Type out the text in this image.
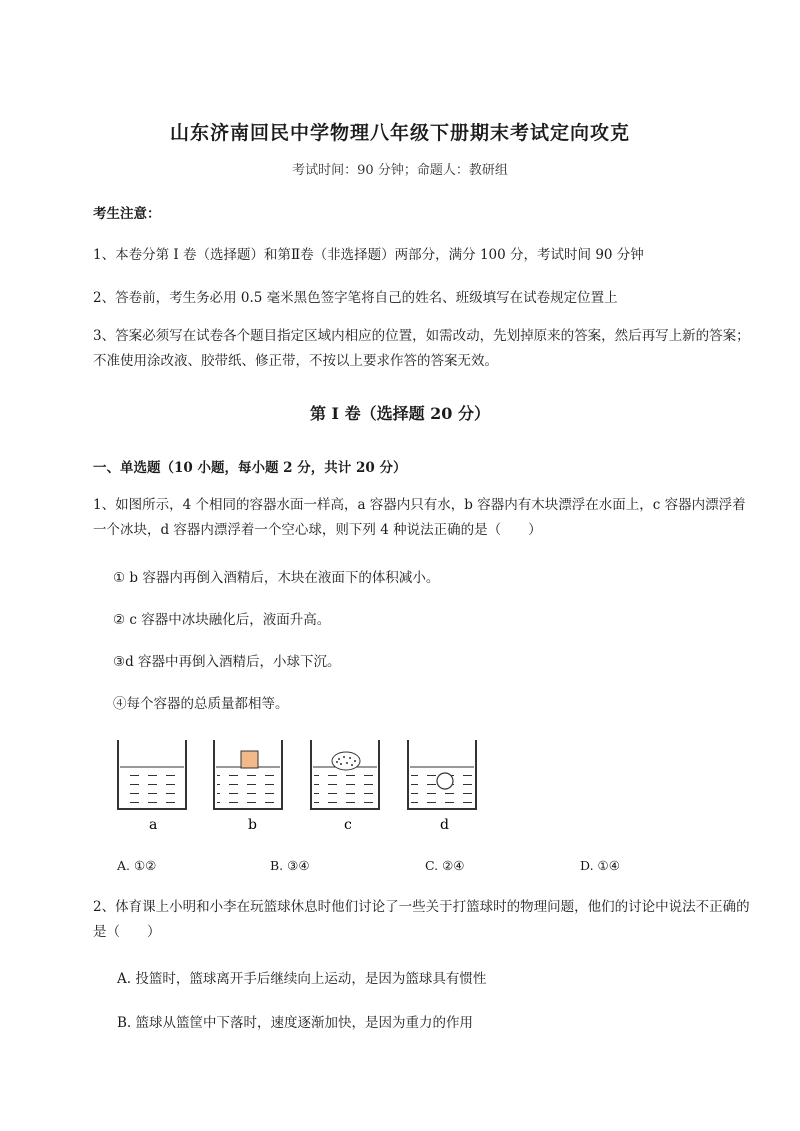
山东济南回民中学物理八年级下册期末考试定向攻克
考试时间：90 分钟；命题人：教研组
考生注意：
1、本卷分第 I 卷（选择题）和第Ⅱ卷（非选择题）两部分，满分 100 分，考试时间 90 分钟
2、答卷前，考生务必用 0.5 毫米黑色签字笔将自己的姓名、班级填写在试卷规定位置上
3、答案必须写在试卷各个题目指定区域内相应的位置，如需改动，先划掉原来的答案，然后再写上新的答案；不准使用涂改液、胶带纸、修正带，不按以上要求作答的答案无效。
第 I 卷（选择题 20 分）
一、单选题（10 小题，每小题 2 分，共计 20 分）
1、如图所示，4 个相同的容器水面一样高，a 容器内只有水，b 容器内有木块漂浮在水面上，c 容器内漂浮着一个冰块，d 容器内漂浮着一个空心球，则下列 4 种说法正确的是（　　）
① b 容器内再倒入酒精后，木块在液面下的体积减小。
② c 容器中冰块融化后，液面升高。
③d 容器中再倒入酒精后，小球下沉。
④每个容器的总质量都相等。
a	b	c	d
A. ①②	B. ③④	C. ②④	D. ①④
2、体育课上小明和小李在玩篮球休息时他们讨论了一些关于打篮球时的物理问题，他们的讨论中说法不正确的是（　　）
A. 投篮时，篮球离开手后继续向上运动，是因为篮球具有惯性
B. 篮球从篮筐中下落时，速度逐渐加快，是因为重力的作用
